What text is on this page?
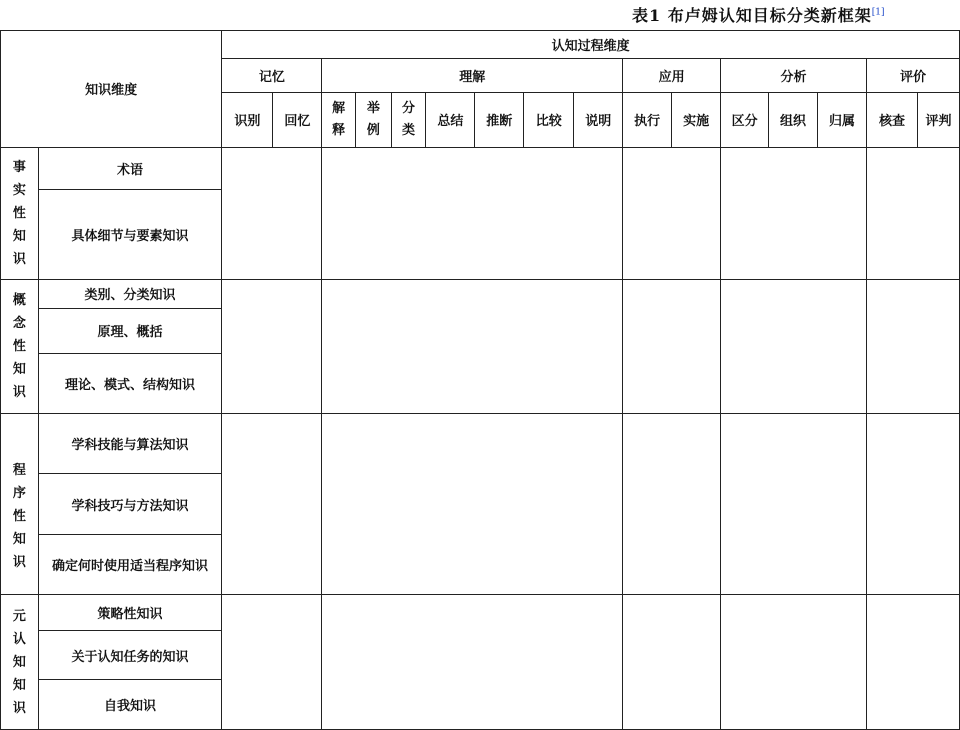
表1 布卢姆认知目标分类新框架[1]
知识维度		认知过程维度															
		记忆		理解							应用		分析			评价	
		识别	回忆	解释	举例	分类	总结	推断	比较	说明	执行	实施	区分	组织	归属	核查	评判
事实性知识	术语																
	具体细节与要素知识																
概念性知识	类别、分类知识																
	原理、概括																
	理论、模式、结构知识																
程序性知识	学科技能与算法知识																
	学科技巧与方法知识																
	确定何时使用适当程序知识																
元认知知识	策略性知识																
	关于认知任务的知识																
	自我知识																
